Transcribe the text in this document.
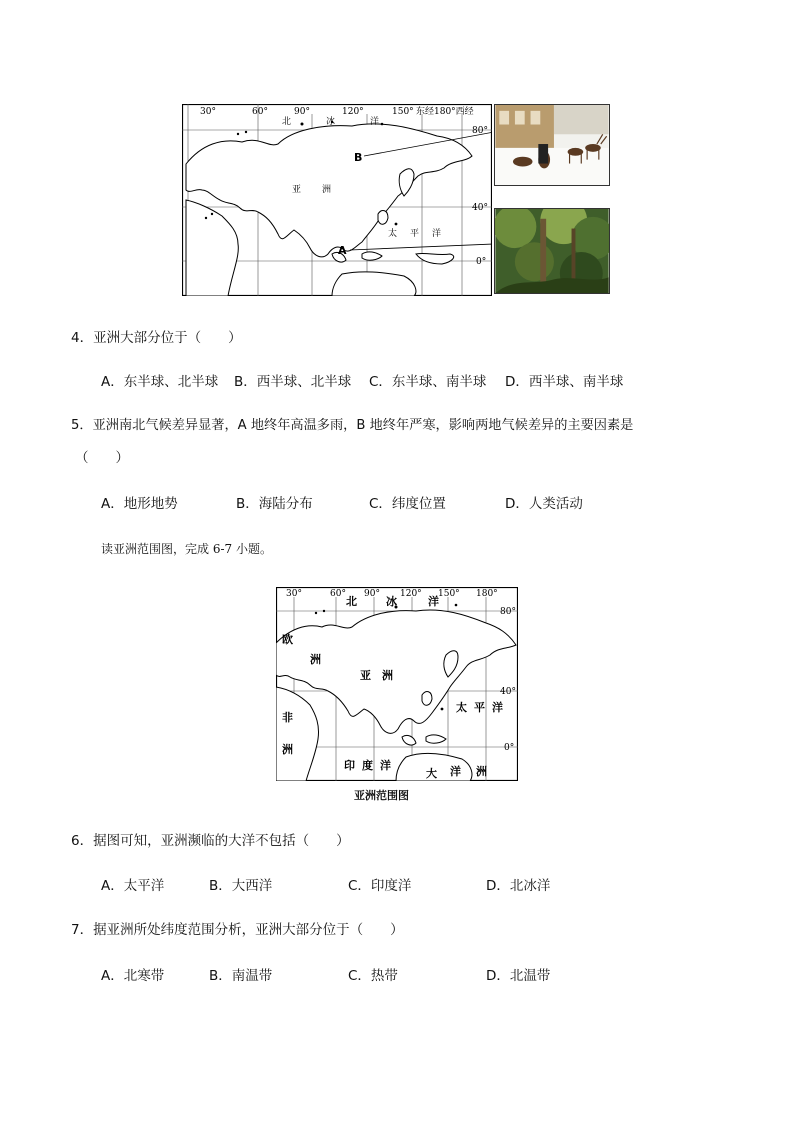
30°	60°	90°	120°	150° 东经180°西经
80°
40°
0°
北	冰	洋
亚 洲
太 平 洋
B
A
4．亚洲大部分位于（　　）
A．东半球、北半球 B．西半球、北半球 C．东半球、南半球 D．西半球、南半球
5．亚洲南北气候差异显著，A 地终年高温多雨，B 地终年严寒，影响两地气候差异的主要因素是
（　　）
A．地形地势	B．海陆分布	C．纬度位置	D．人类活动
读亚洲范围图，完成 6-7 小题。
30°	60° 90° 120° 150° 180°
80°
40°
0°
北	冰	洋
欧
洲
亚 洲
非
洲
太 平 洋
印 度 洋
大 洋 洲
亚洲范围图
6．据图可知，亚洲濒临的大洋不包括（　　）
A．太平洋	B．大西洋	C．印度洋	D．北冰洋
7．据亚洲所处纬度范围分析，亚洲大部分位于（　　）
A．北寒带	B．南温带	C．热带	D．北温带
